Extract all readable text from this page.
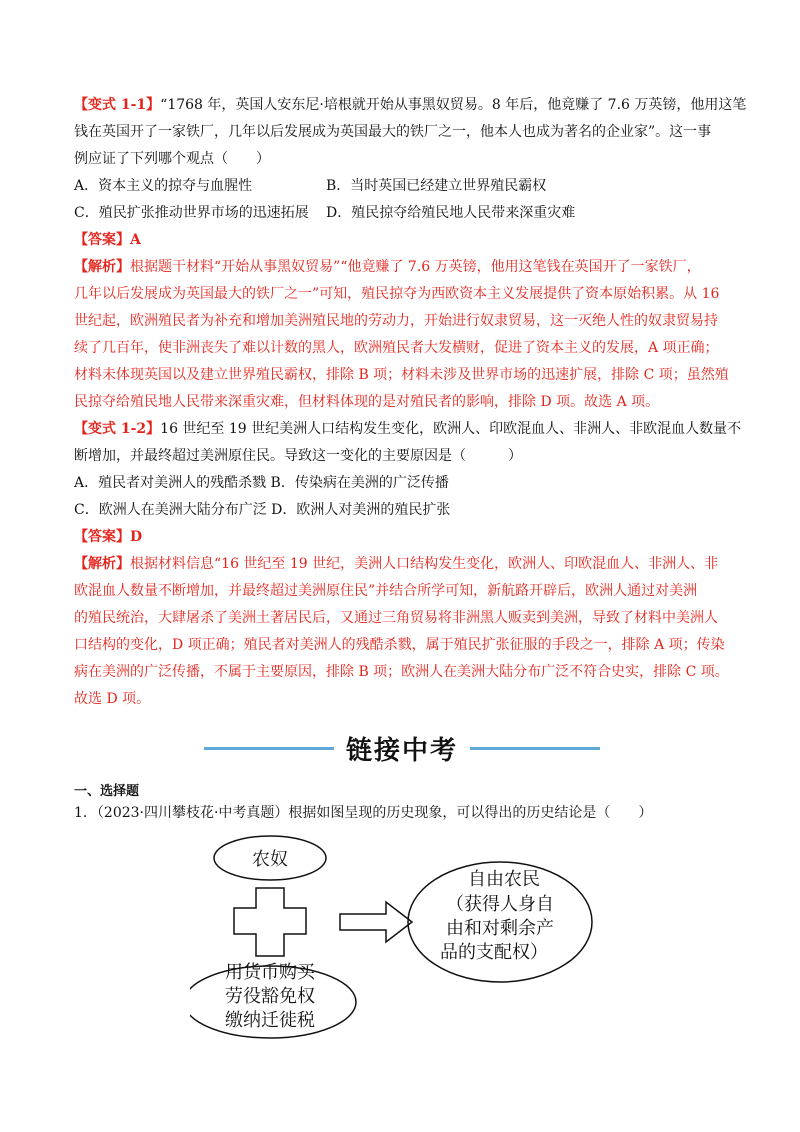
【变式 1-1】“1768 年，英国人安东尼·培根就开始从事黑奴贸易。8 年后，他竟赚了 7.6 万英镑，他用这笔
钱在英国开了一家铁厂，几年以后发展成为英国最大的铁厂之一，他本人也成为著名的企业家”。这一事
例应证了下列哪个观点（　　）
A．资本主义的掠夺与血腥性	B．当时英国已经建立世界殖民霸权
C．殖民扩张推动世界市场的迅速拓展	D．殖民掠夺给殖民地人民带来深重灾难
【答案】A
【解析】根据题干材料“开始从事黑奴贸易”“他竟赚了 7.6 万英镑，他用这笔钱在英国开了一家铁厂，
几年以后发展成为英国最大的铁厂之一”可知，殖民掠夺为西欧资本主义发展提供了资本原始积累。从 16
世纪起，欧洲殖民者为补充和增加美洲殖民地的劳动力，开始进行奴隶贸易，这一灭绝人性的奴隶贸易持
续了几百年，使非洲丧失了难以计数的黑人，欧洲殖民者大发横财，促进了资本主义的发展，A 项正确；
材料未体现英国以及建立世界殖民霸权，排除 B 项；材料未涉及世界市场的迅速扩展，排除 C 项；虽然殖
民掠夺给殖民地人民带来深重灾难，但材料体现的是对殖民者的影响，排除 D 项。故选 A 项。
【变式 1-2】16 世纪至 19 世纪美洲人口结构发生变化，欧洲人、印欧混血人、非洲人、非欧混血人数量不
断增加，并最终超过美洲原住民。导致这一变化的主要原因是（　　　）
A．殖民者对美洲人的残酷杀戮 B．传染病在美洲的广泛传播
C．欧洲人在美洲大陆分布广泛 D．欧洲人对美洲的殖民扩张
【答案】D
【解析】根据材料信息“16 世纪至 19 世纪，美洲人口结构发生变化，欧洲人、印欧混血人、非洲人、非
欧混血人数量不断增加，并最终超过美洲原住民”并结合所学可知，新航路开辟后，欧洲人通过对美洲
的殖民统治，大肆屠杀了美洲土著居民后，又通过三角贸易将非洲黑人贩卖到美洲，导致了材料中美洲人
口结构的变化，D 项正确；殖民者对美洲人的残酷杀戮，属于殖民扩张征服的手段之一，排除 A 项；传染
病在美洲的广泛传播，不属于主要原因，排除 B 项；欧洲人在美洲大陆分布广泛不符合史实，排除 C 项。
故选 D 项。
链接中考
一、选择题
1．（2023·四川攀枝花·中考真题）根据如图呈现的历史现象，可以得出的历史结论是（　　）
农奴
用货币购买
劳役豁免权
缴纳迁徙税
自由农民
（获得人身自
由和对剩余产
品的支配权）
